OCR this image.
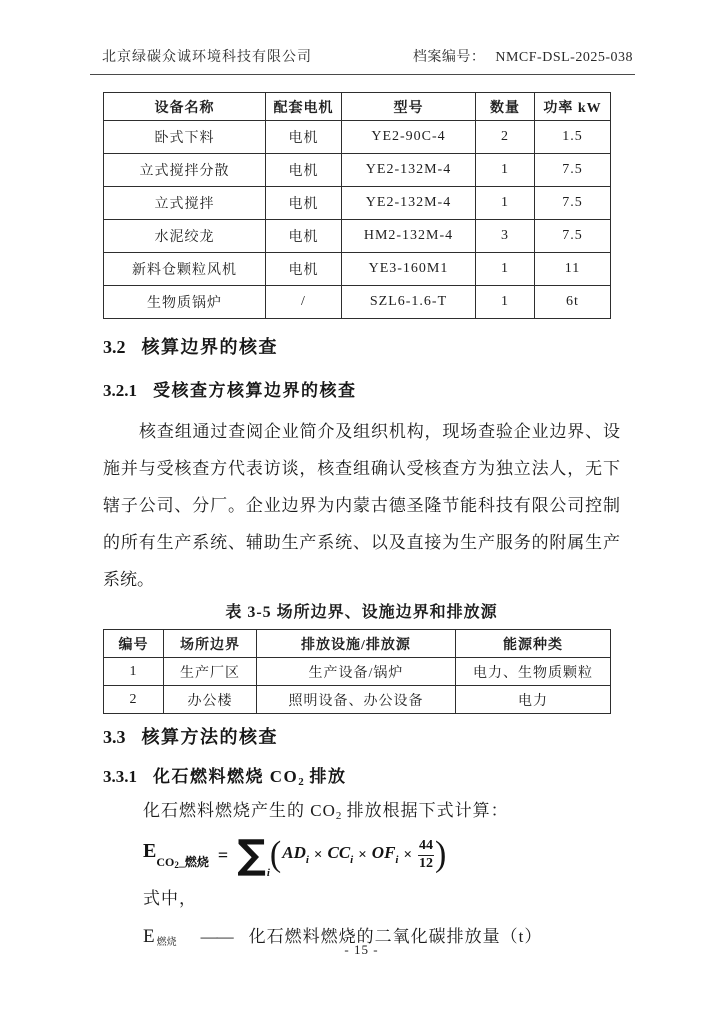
北京绿碳众诚环境科技有限公司	档案编号： NMCF-DSL-2025-038
设备名称	配套电机	型号	数量	功率 kW
卧式下料	电机	YE2-90C-4	2	1.5
立式搅拌分散	电机	YE2-132M-4	1	7.5
立式搅拌	电机	YE2-132M-4	1	7.5
水泥绞龙	电机	HM2-132M-4	3	7.5
新料仓颗粒风机	电机	YE3-160M1	1	11
生物质锅炉	/	SZL6-1.6-T	1	6t
3.2 核算边界的核查
3.2.1 受核查方核算边界的核查
核查组通过查阅企业简介及组织机构，现场查验企业边界、设
施并与受核查方代表访谈，核查组确认受核查方为独立法人，无下
辖子公司、分厂。企业边界为内蒙古德圣隆节能科技有限公司控制
的所有生产系统、辅助生产系统、以及直接为生产服务的附属生产
系统。
表 3-5 场所边界、设施边界和排放源
编号	场所边界	排放设施/排放源	能源种类
1	生产厂区	生产设备/锅炉	电力、生物质颗粒
2	办公楼	照明设备、办公设备	电力
3.3 核算方法的核查
3.3.1 化石燃料燃烧 CO2 排放
化石燃料燃烧产生的 CO2 排放根据下式计算：
E CO2_燃烧 = ∑ i ( AD i × CC i × OF $i \times \frac{44}{12}$ )
式中，
E燃烧 —— 化石燃料燃烧的二氧化碳排放量（t）
- 15 -
